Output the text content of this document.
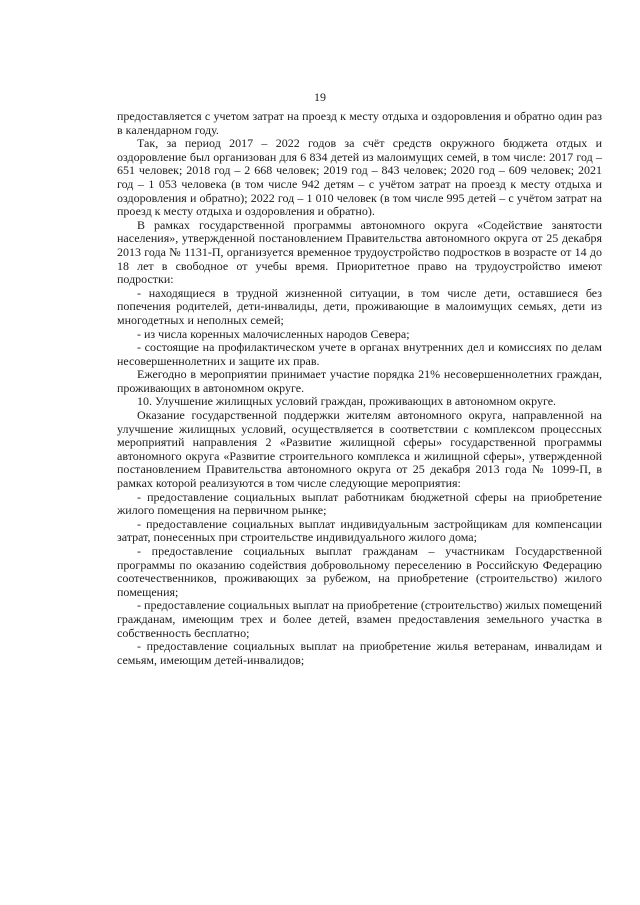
19

предоставляется с учетом затрат на проезд к месту отдыха и оздоровления и обратно один раз в календарном году.

Так, за период 2017 – 2022 годов за счёт средств окружного бюджета отдых и оздоровление был организован для 6 834 детей из малоимущих семей, в том числе: 2017 год – 651 человек; 2018 год – 2 668 человек; 2019 год – 843 человек; 2020 год – 609 человек; 2021 год – 1 053 человека (в том числе 942 детям – с учётом затрат на проезд к месту отдыха и оздоровления и обратно); 2022 год – 1 010 человек (в том числе 995 детей – с учётом затрат на проезд к месту отдыха и оздоровления и обратно).

В рамках государственной программы автономного округа «Содействие занятости населения», утвержденной постановлением Правительства автономного округа от 25 декабря 2013 года № 1131-П, организуется временное трудоустройство подростков в возрасте от 14 до 18 лет в свободное от учебы время. Приоритетное право на трудоустройство имеют подростки:

- находящиеся в трудной жизненной ситуации, в том числе дети, оставшиеся без попечения родителей, дети-инвалиды, дети, проживающие в малоимущих семьях, дети из многодетных и неполных семей;

- из числа коренных малочисленных народов Севера;

- состоящие на профилактическом учете в органах внутренних дел и комиссиях по делам несовершеннолетних и защите их прав.

Ежегодно в мероприятии принимает участие порядка 21% несовершеннолетних граждан, проживающих в автономном округе.

10. Улучшение жилищных условий граждан, проживающих в автономном округе.

Оказание государственной поддержки жителям автономного округа, направленной на улучшение жилищных условий, осуществляется в соответствии с комплексом процессных мероприятий направления 2 «Развитие жилищной сферы» государственной программы автономного округа «Развитие строительного комплекса и жилищной сферы», утвержденной постановлением Правительства автономного округа от 25 декабря 2013 года № 1099-П, в рамках которой реализуются в том числе следующие мероприятия:

- предоставление социальных выплат работникам бюджетной сферы на приобретение жилого помещения на первичном рынке;

- предоставление социальных выплат индивидуальным застройщикам для компенсации затрат, понесенных при строительстве индивидуального жилого дома;

- предоставление социальных выплат гражданам – участникам Государственной программы по оказанию содействия добровольному переселению в Российскую Федерацию соотечественников, проживающих за рубежом, на приобретение (строительство) жилого помещения;

- предоставление социальных выплат на приобретение (строительство) жилых помещений гражданам, имеющим трех и более детей, взамен предоставления земельного участка в собственность бесплатно;

- предоставление социальных выплат на приобретение жилья ветеранам, инвалидам и семьям, имеющим детей-инвалидов;
